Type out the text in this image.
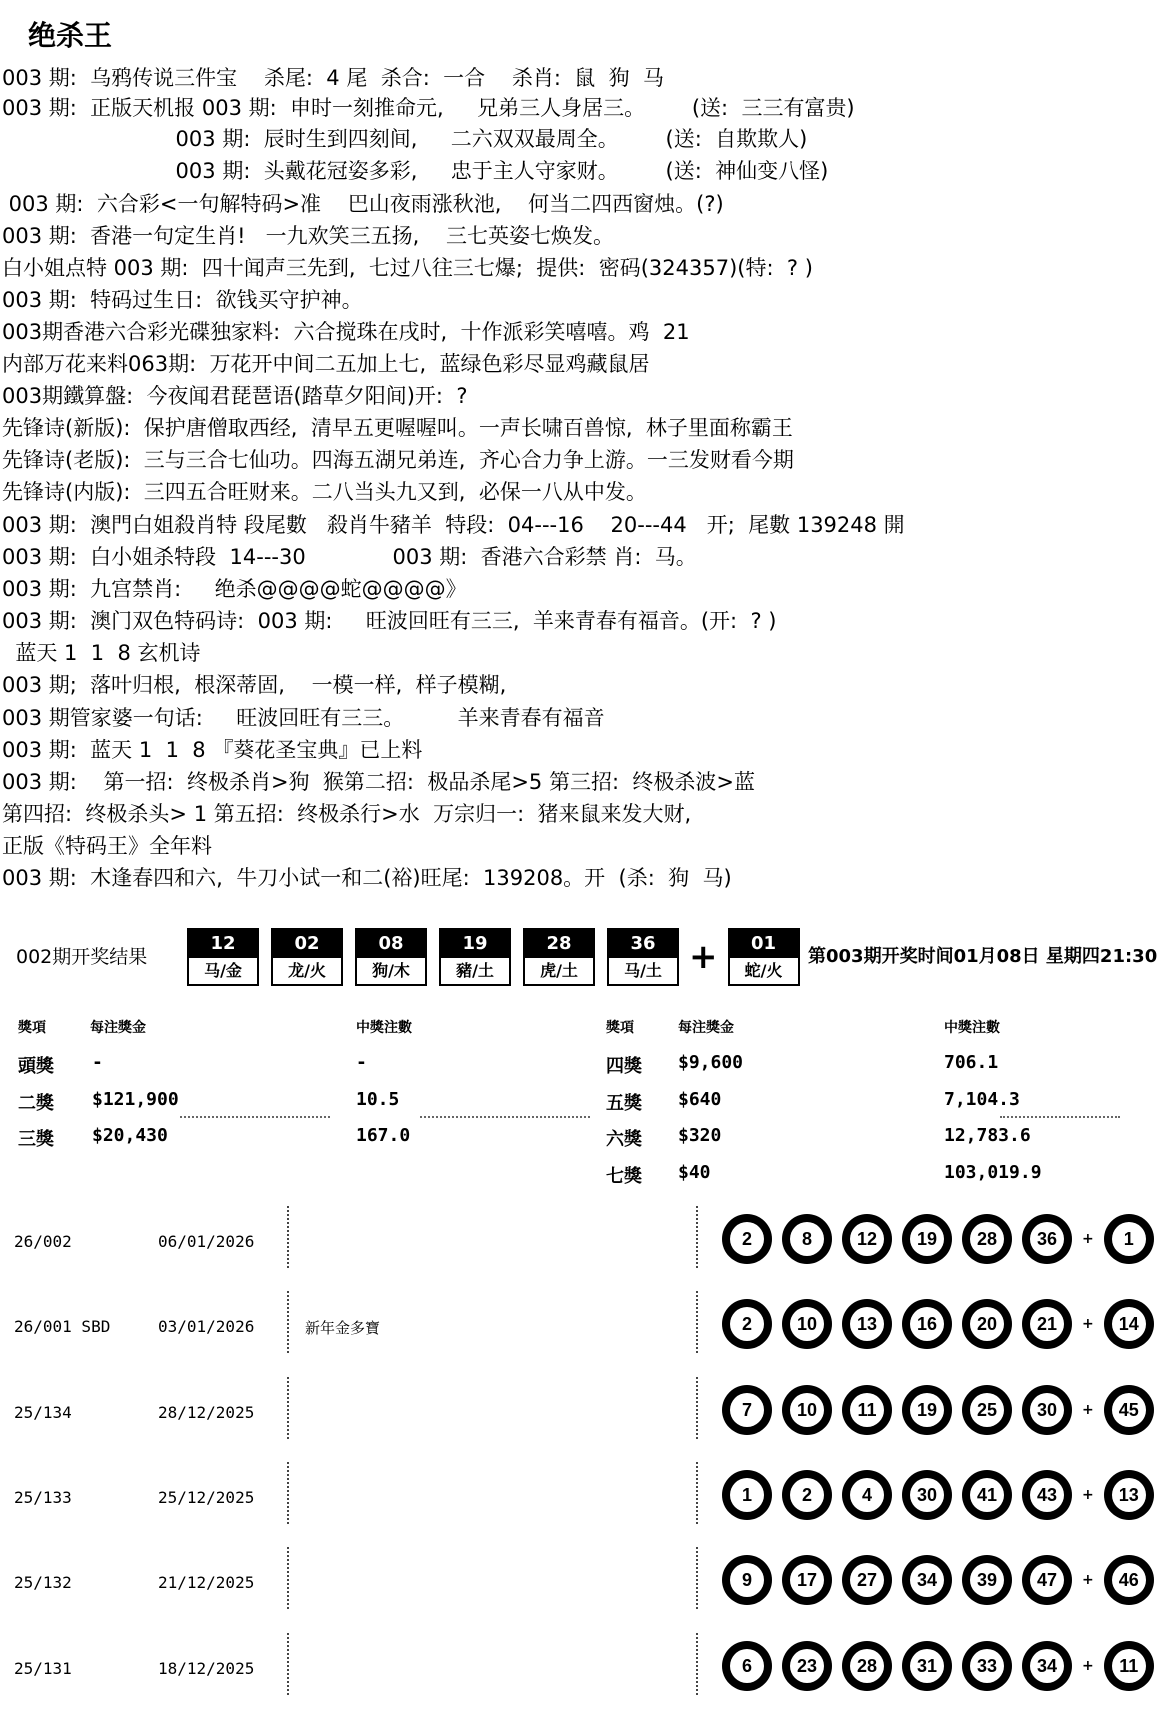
绝杀王
003 期:  乌鸦传说三件宝    杀尾:  4 尾  杀合:  一合    杀肖:  鼠  狗  马
003 期:  正版天机报 003 期:  申时一刻推命元,     兄弟三人身居三。       (送:  三三有富贵)
003 期:  辰时生到四刻间,     二六双双最周全。       (送:  自欺欺人)
003 期:  头戴花冠姿多彩,     忠于主人守家财。       (送:  神仙变八怪)
003 期:  六合彩<一句解特码>准    巴山夜雨涨秋池,    何当二四西窗烛。(?)
003 期:  香港一句定生肖!   一九欢笑三五扬,    三七英姿七焕发。
白小姐点特 003 期:  四十闻声三先到,  七过八往三七爆;  提供:  密码(324357)(特:  ? )
003 期:  特码过生日:  欲钱买守护神。
003期香港六合彩光碟独家料:  六合搅珠在戌时,  十作派彩笑嘻嘻。鸡  21
内部万花来料063期:  万花开中间二五加上七,  蓝绿色彩尽显鸡藏鼠居
003期鐵算盤:  今夜闻君琵琶语(踏草夕阳间)开:  ?
先锋诗(新版):  保护唐僧取西经,  清早五更喔喔叫。一声长啸百兽惊,  林子里面称霸王
先锋诗(老版):  三与三合七仙功。四海五湖兄弟连,  齐心合力争上游。一三发财看今期
先锋诗(内版):  三四五合旺财来。二八当头九又到,  必保一八从中发。
003 期:  澳門白姐殺肖特 段尾數   殺肖牛豬羊  特段:  04---16    20---44   开;  尾數 139248 開
003 期:  白小姐杀特段  14---30             003 期:  香港六合彩禁 肖:  马。
003 期:  九宫禁肖:     绝杀@@@@蛇@@@@》
003 期:  澳门双色特码诗:  003 期:     旺波回旺有三三,  羊来青春有福音。(开:  ? )
蓝天 1  1  8 玄机诗
003 期;  落叶归根,  根深蒂固,    一模一样,  样子模糊,
003 期管家婆一句话:     旺波回旺有三三。        羊来青春有福音
003 期:  蓝天 1  1  8 『葵花圣宝典』已上料
003 期:    第一招:  终极杀肖>狗  猴第二招:  极品杀尾>5 第三招:  终极杀波>蓝
第四招:  终极杀头> 1 第五招:  终极杀行>水  万宗归一:  猪来鼠来发大财,
正版《特码王》全年料
003 期:  木逢春四和六,  牛刀小试一和二(裕)旺尾:  139208。开  (杀:  狗  马)
002期开奖结果
12
马/金
02
龙/火
08
狗/木
19
豬/土
28
虎/土
36
马/土 +	01
蛇/火
第003期开奖时间01月08日 星期四21:30
獎項	每注獎金	中獎注數	獎項	每注獎金	中獎注數
頭獎 -	-
二獎 $121,900	10.5
三獎 $20,430	167.0
四獎 $9,600	706.1
五獎 $640	7,104.3
六獎 $320	12,783.6
七獎 $40	103,019.9
26/002	06/01/2026	2	8	12	19	28	36	+	1
26/001 SBD	03/01/2026	新年金多寶	2	10	13	16	20	21	+	14
25/134	28/12/2025	7	10	11	19	25	30	+	45
25/133	25/12/2025	1	2	4	30	41	43	+	13
25/132	21/12/2025	9	17	27	34	39	47	+	46
25/131	18/12/2025	6	23	28	31	33	34	+	11
